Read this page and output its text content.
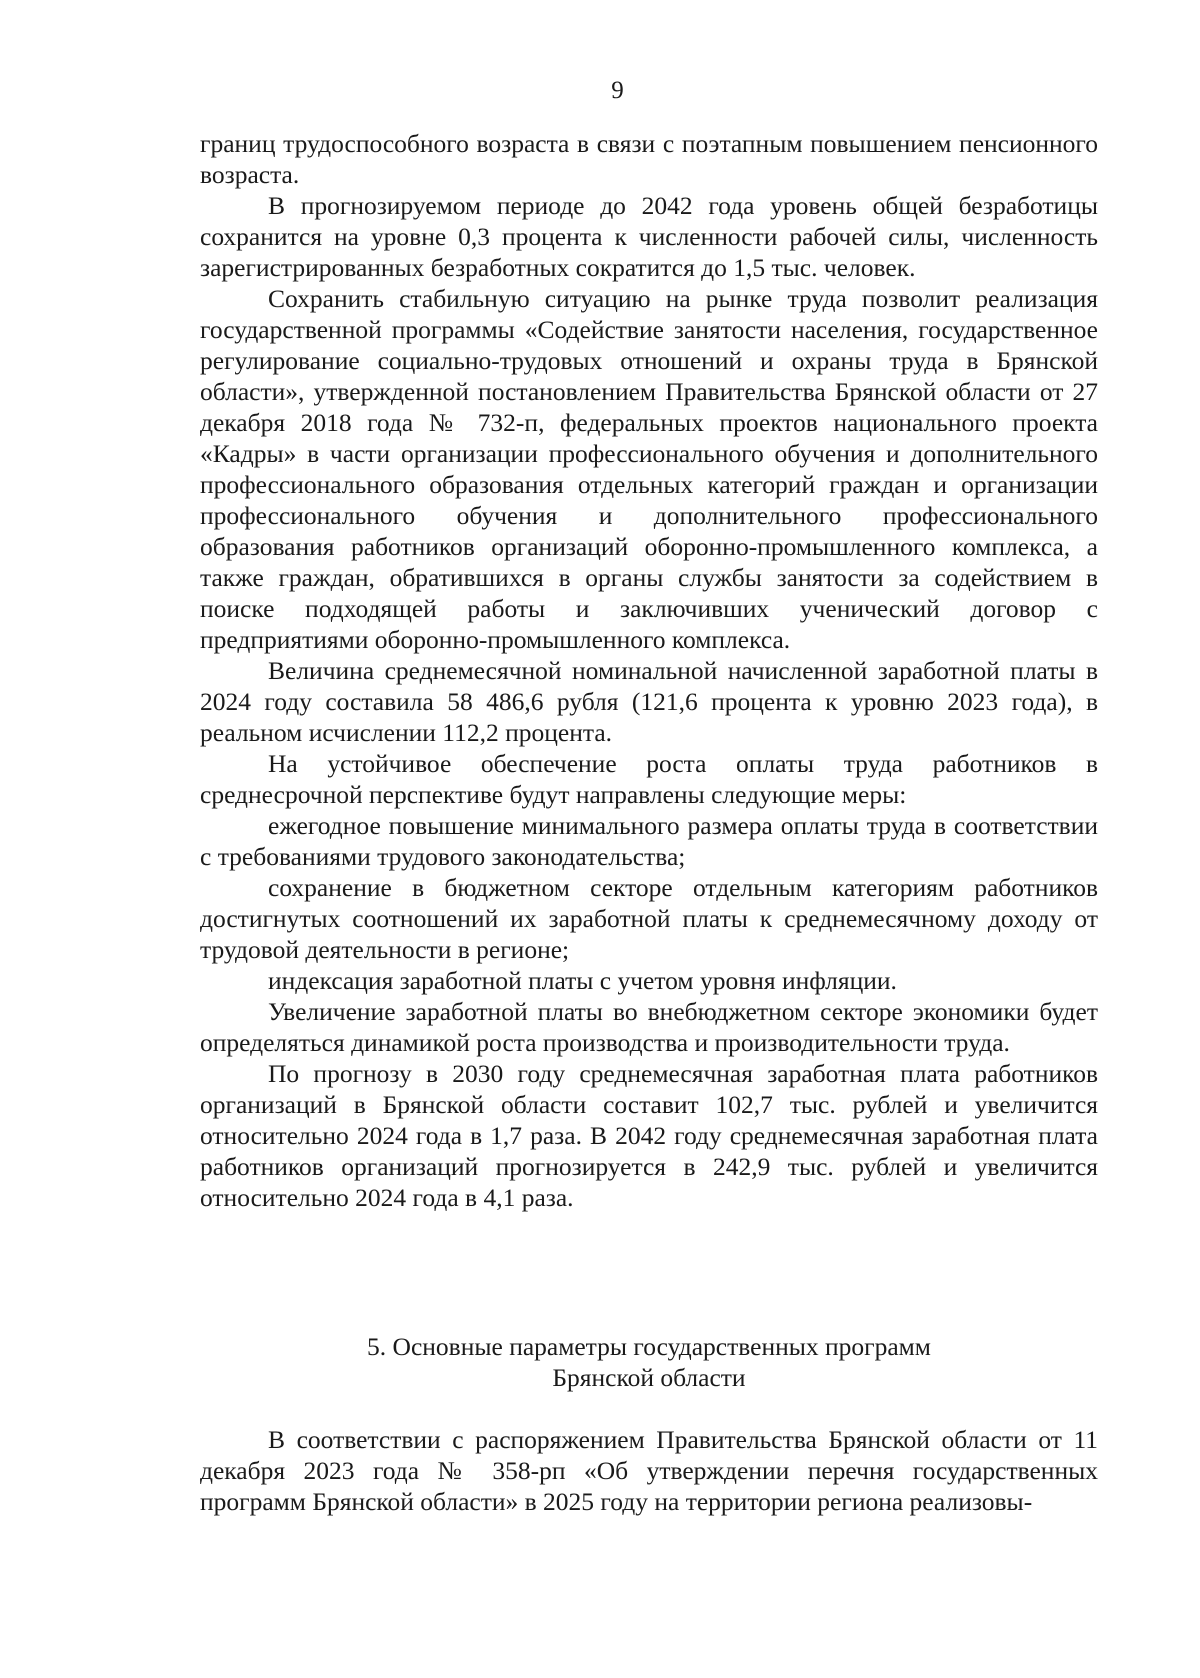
9

границ трудоспособного возраста в связи с поэтапным повышением пенсионного возраста.

В прогнозируемом периоде до 2042 года уровень общей безработицы сохранится на уровне 0,3 процента к численности рабочей силы, численность зарегистрированных безработных сократится до 1,5 тыс. человек.

Сохранить стабильную ситуацию на рынке труда позволит реализация государственной программы «Содействие занятости населения, государственное регулирование социально-трудовых отношений и охраны труда в Брянской области», утвержденной постановлением Правительства Брянской области от 27 декабря 2018 года № 732-п, федеральных проектов национального проекта «Кадры» в части организации профессионального обучения и дополнительного профессионального образования отдельных категорий граждан и организации профессионального обучения и дополнительного профессионального образования работников организаций оборонно-промышленного комплекса, а также граждан, обратившихся в органы службы занятости за содействием в поиске подходящей работы и заключивших ученический договор с предприятиями оборонно-промышленного комплекса.

Величина среднемесячной номинальной начисленной заработной платы в 2024 году составила 58 486,6 рубля (121,6 процента к уровню 2023 года), в реальном исчислении 112,2 процента.

На устойчивое обеспечение роста оплаты труда работников в среднесрочной перспективе будут направлены следующие меры:

ежегодное повышение минимального размера оплаты труда в соответствии с требованиями трудового законодательства;

сохранение в бюджетном секторе отдельным категориям работников достигнутых соотношений их заработной платы к среднемесячному доходу от трудовой деятельности в регионе;

индексация заработной платы с учетом уровня инфляции.

Увеличение заработной платы во внебюджетном секторе экономики будет определяться динамикой роста производства и производительности труда.

По прогнозу в 2030 году среднемесячная заработная плата работников организаций в Брянской области составит 102,7 тыс. рублей и увеличится относительно 2024 года в 1,7 раза. В 2042 году среднемесячная заработная плата работников организаций прогнозируется в 242,9 тыс. рублей и увеличится относительно 2024 года в 4,1 раза.

5. Основные параметры государственных программ
Брянской области

В соответствии с распоряжением Правительства Брянской области от 11 декабря 2023 года № 358-рп «Об утверждении перечня государственных программ Брянской области» в 2025 году на территории региона реализовы-
